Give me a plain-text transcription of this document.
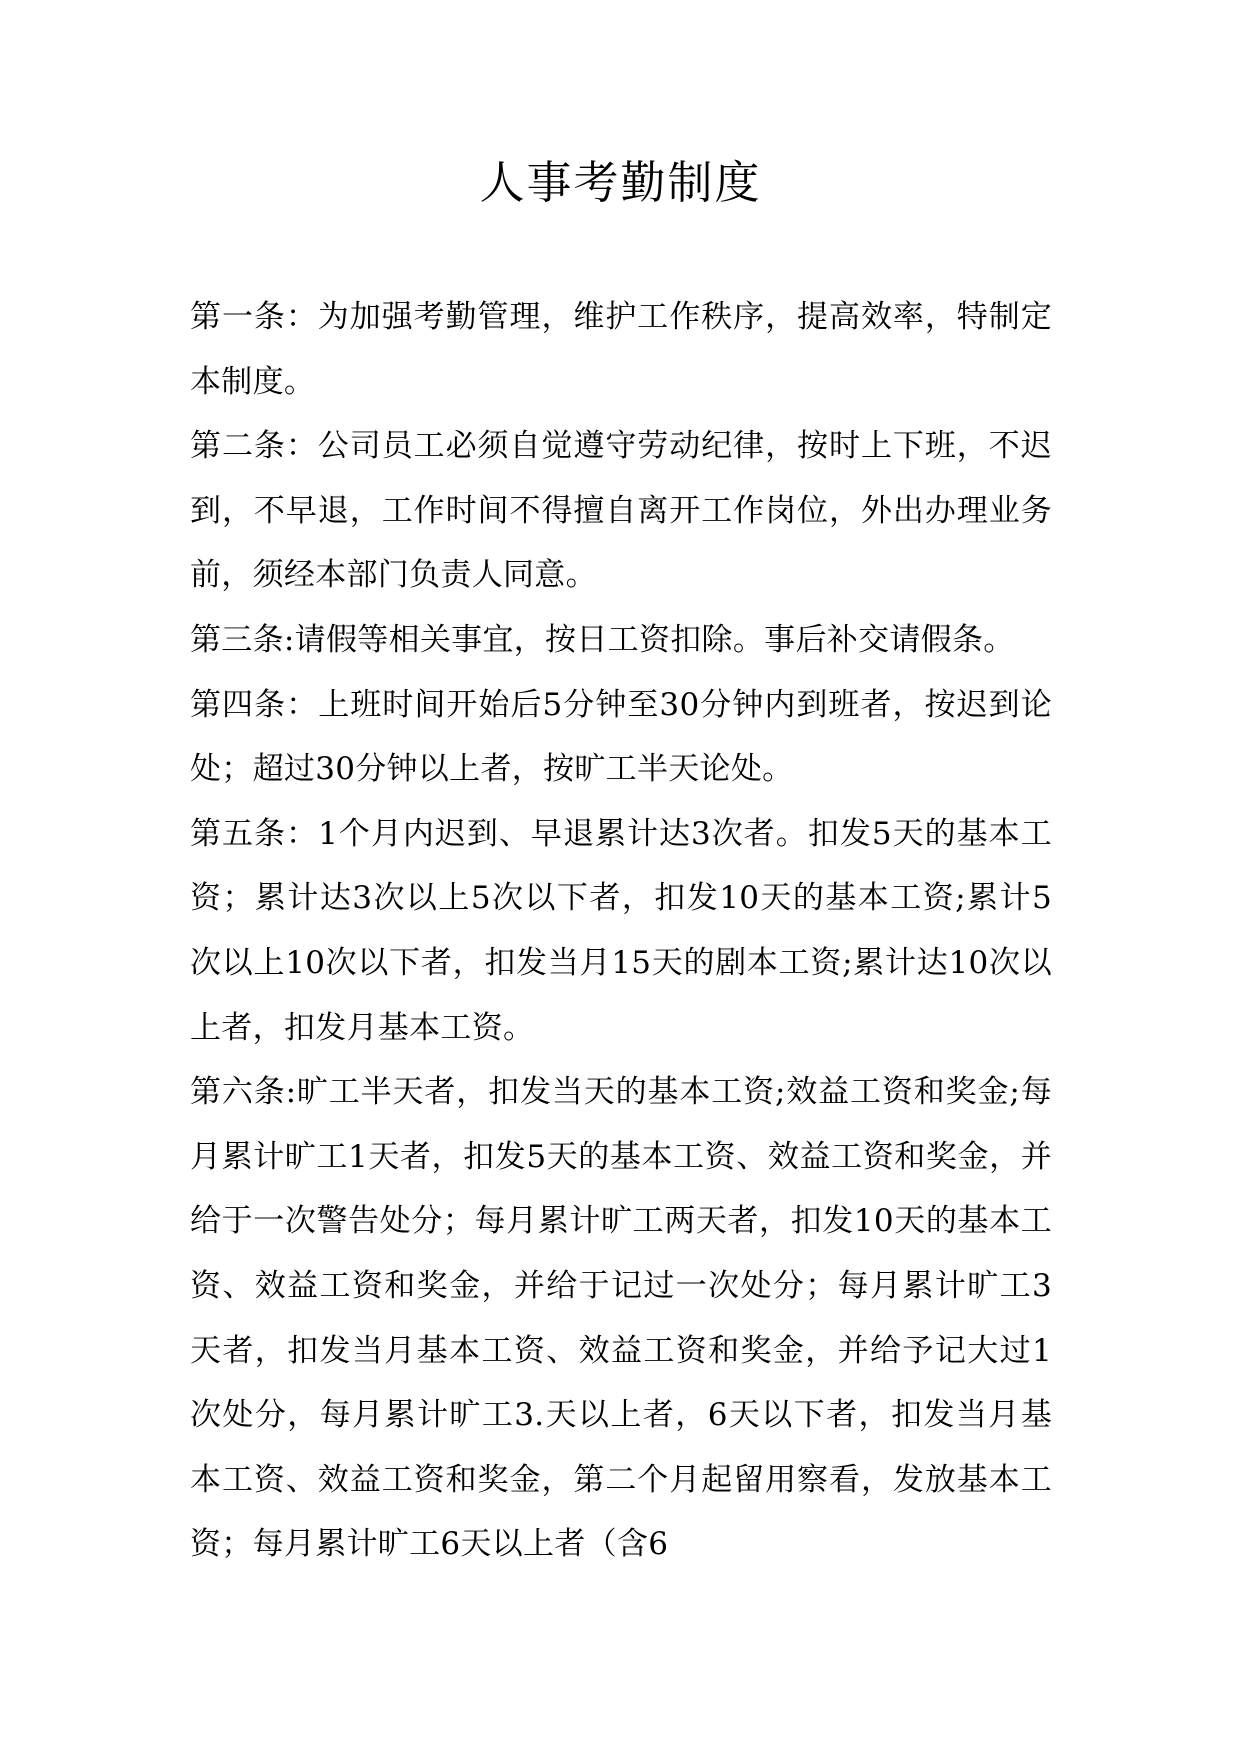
人事考勤制度

第一条：为加强考勤管理，维护工作秩序，提高效率，特制定本制度。

第二条：公司员工必须自觉遵守劳动纪律，按时上下班，不迟到，不早退，工作时间不得擅自离开工作岗位，外出办理业务前，须经本部门负责人同意。

第三条:请假等相关事宜，按日工资扣除。事后补交请假条。

第四条：上班时间开始后5分钟至30分钟内到班者，按迟到论处；超过30分钟以上者，按旷工半天论处。

第五条：1个月内迟到、早退累计达3次者。扣发5天的基本工资；累计达3次以上5次以下者，扣发10天的基本工资;累计5次以上10次以下者，扣发当月15天的剧本工资;累计达10次以上者，扣发月基本工资。

第六条:旷工半天者，扣发当天的基本工资;效益工资和奖金;每月累计旷工1天者，扣发5天的基本工资、效益工资和奖金，并给于一次警告处分；每月累计旷工两天者，扣发10天的基本工资、效益工资和奖金，并给于记过一次处分；每月累计旷工3天者，扣发当月基本工资、效益工资和奖金，并给予记大过1次处分，每月累计旷工3.天以上者，6天以下者，扣发当月基本工资、效益工资和奖金，第二个月起留用察看，发放基本工资；每月累计旷工6天以上者（含6
